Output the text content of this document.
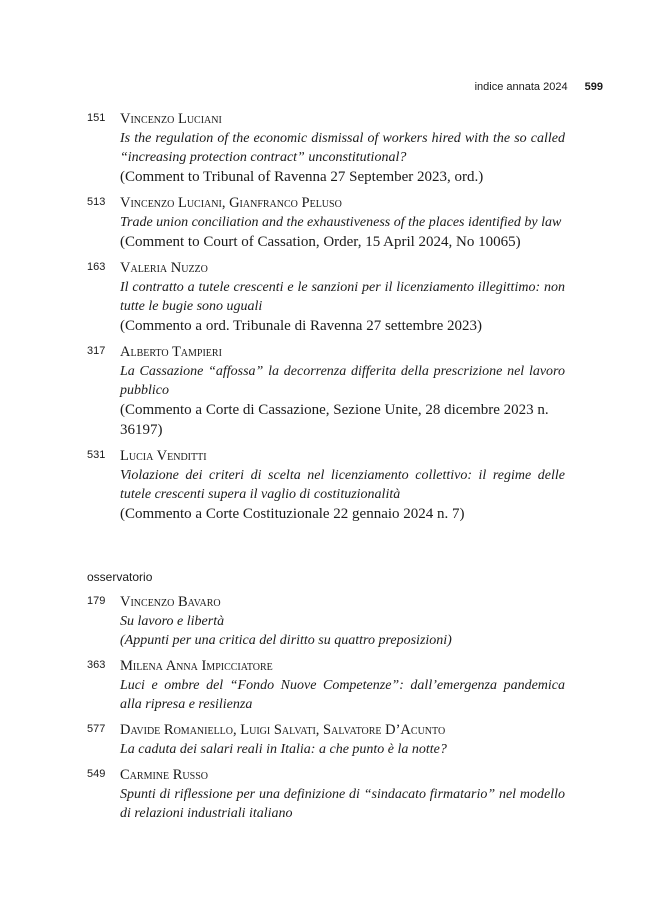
indice annata 2024 599
151 Vincenzo Luciani
Is the regulation of the economic dismissal of workers hired with the so called “increasing protection contract” unconstitutional?
(Comment to Tribunal of Ravenna 27 September 2023, ord.)
513 Vincenzo Luciani, Gianfranco Peluso
Trade union conciliation and the exhaustiveness of the places identified by law
(Comment to Court of Cassation, Order, 15 April 2024, No 10065)
163 Valeria Nuzzo
Il contratto a tutele crescenti e le sanzioni per il licenziamento illegittimo: non tutte le bugie sono uguali
(Commento a ord. Tribunale di Ravenna 27 settembre 2023)
317 Alberto Tampieri
La Cassazione “affossa” la decorrenza differita della prescrizione nel lavoro pubblico
(Commento a Corte di Cassazione, Sezione Unite, 28 dicembre 2023 n. 36197)
531 Lucia Venditti
Violazione dei criteri di scelta nel licenziamento collettivo: il regime delle tutele crescenti supera il vaglio di costituzionalità
(Commento a Corte Costituzionale 22 gennaio 2024 n. 7)
osservatorio
179 Vincenzo Bavaro
Su lavoro e libertà
(Appunti per una critica del diritto su quattro preposizioni)
363 Milena Anna Impicciatore
Luci e ombre del “Fondo Nuove Competenze”: dall’emergenza pandemica alla ripresa e resilienza
577 Davide Romaniello, Luigi Salvati, Salvatore D’Acunto
La caduta dei salari reali in Italia: a che punto è la notte?
549 Carmine Russo
Spunti di riflessione per una definizione di “sindacato firmatario” nel modello di relazioni industriali italiano
